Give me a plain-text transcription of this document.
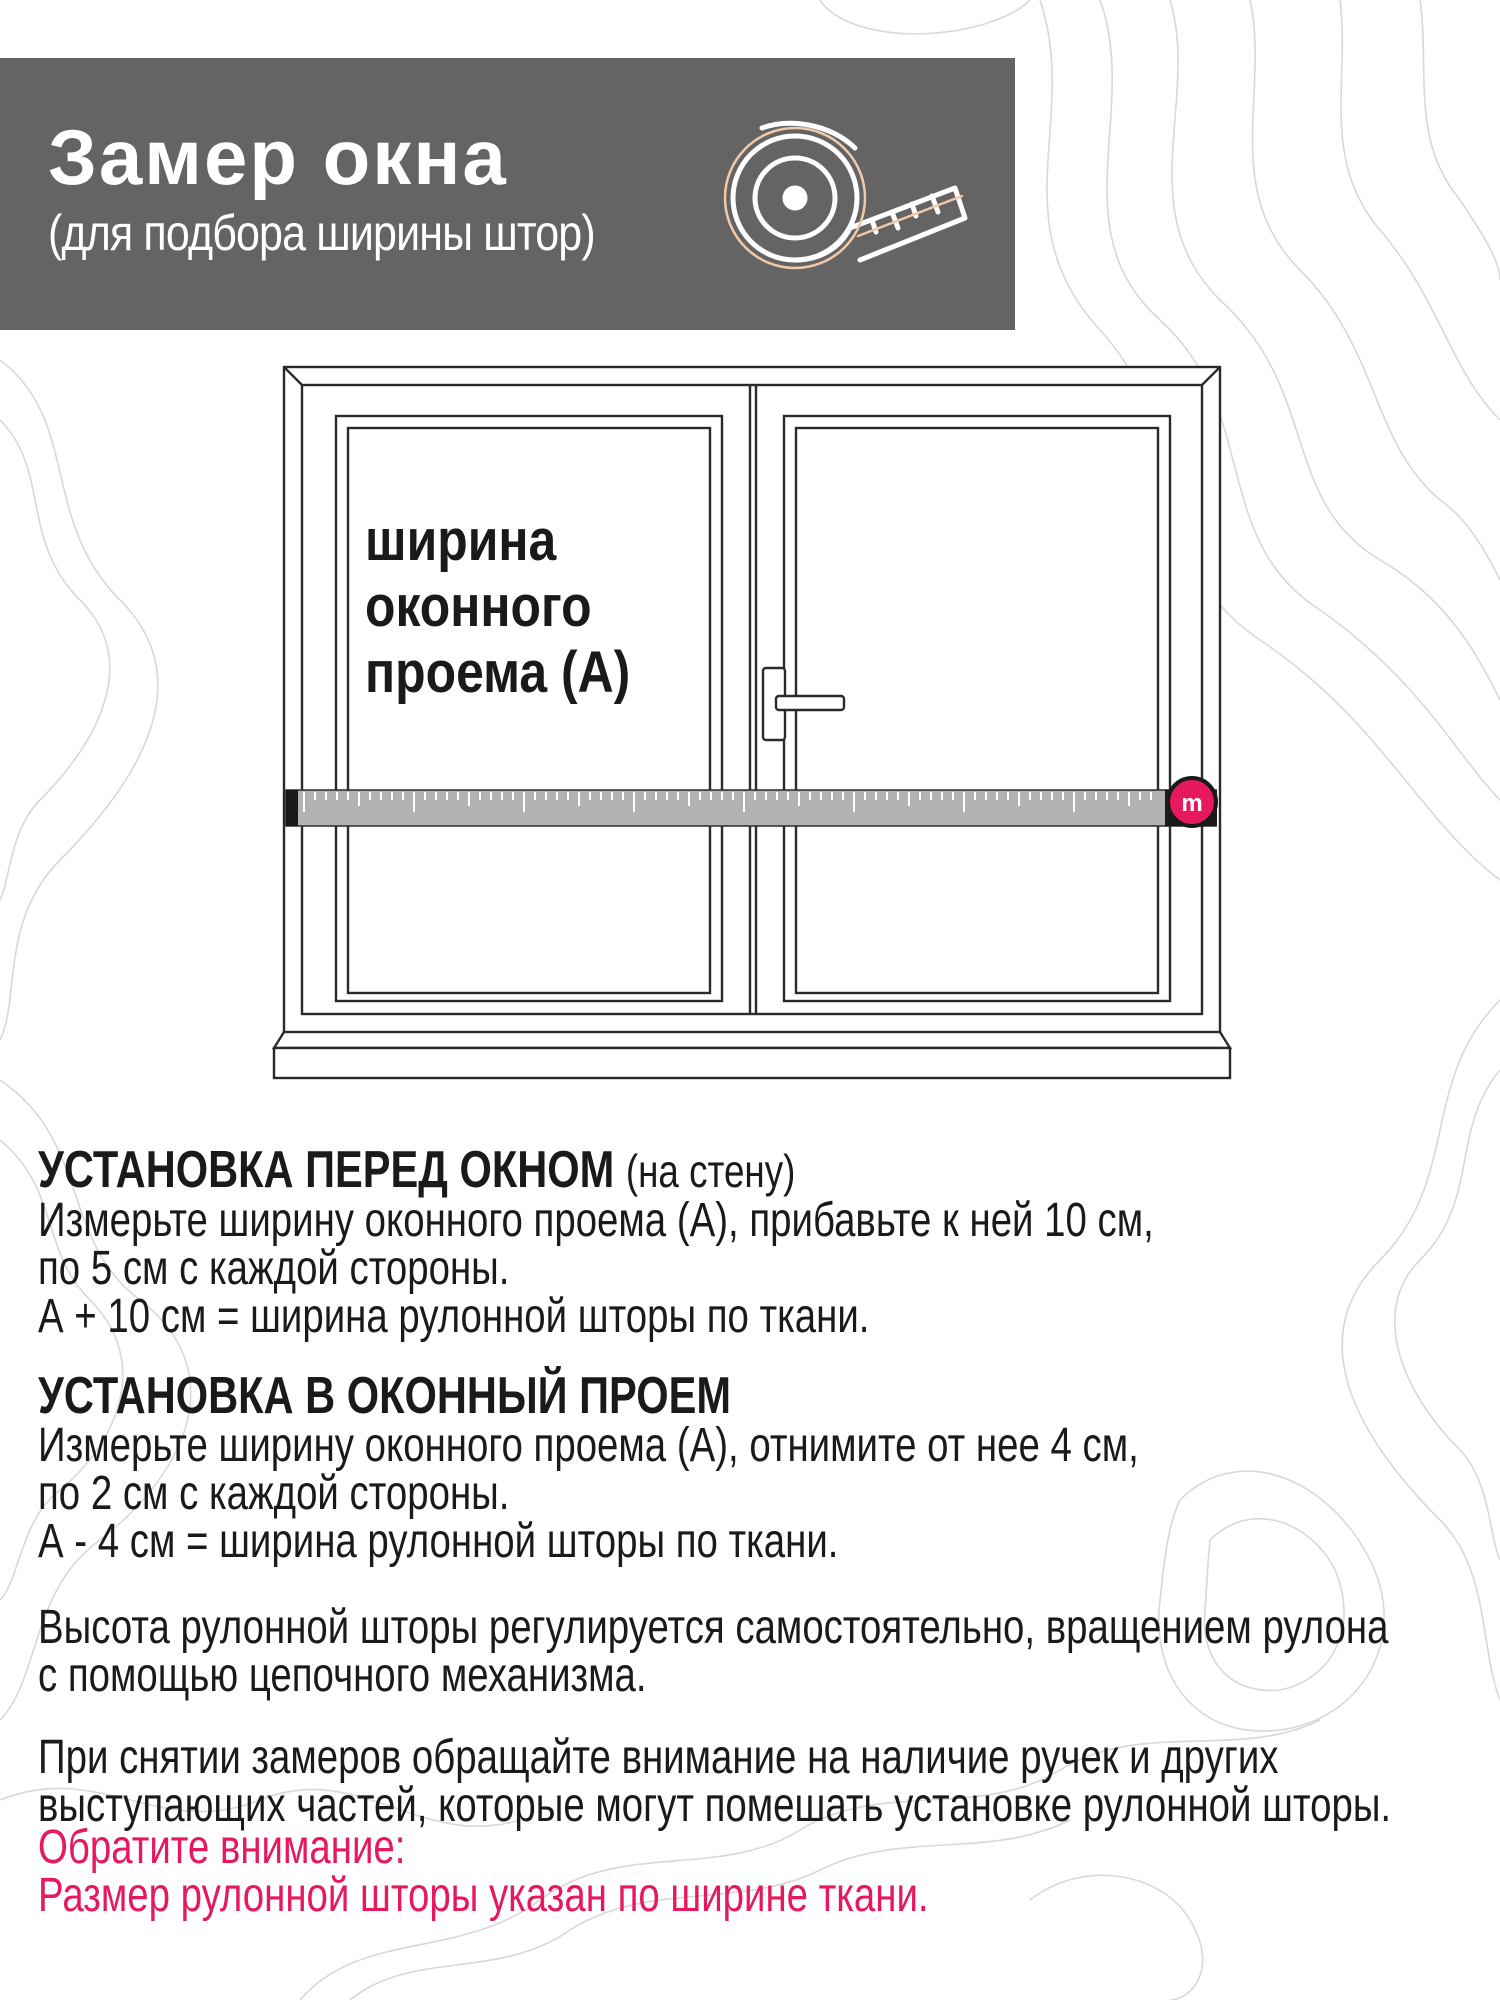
Замер окна
(для подбора ширины штор)
m
ширина
оконного
проема (А)
УСТАНОВКА ПЕРЕД ОКНОМ (на стену)
Измерьте ширину оконного проема (А), прибавьте к ней 10 см,
по 5 см с каждой стороны.
А + 10 см = ширина рулонной шторы по ткани.
УСТАНОВКА В ОКОННЫЙ ПРОЕМ
Измерьте ширину оконного проема (А), отнимите от нее 4 см,
по 2 см с каждой стороны.
А - 4 см = ширина рулонной шторы по ткани.
Высота рулонной шторы регулируется самостоятельно, вращением рулона
с помощью цепочного механизма.
При снятии замеров обращайте внимание на наличие ручек и других
выступающих частей, которые могут помешать установке рулонной шторы.
Обратите внимание:
Размер рулонной шторы указан по ширине ткани.
